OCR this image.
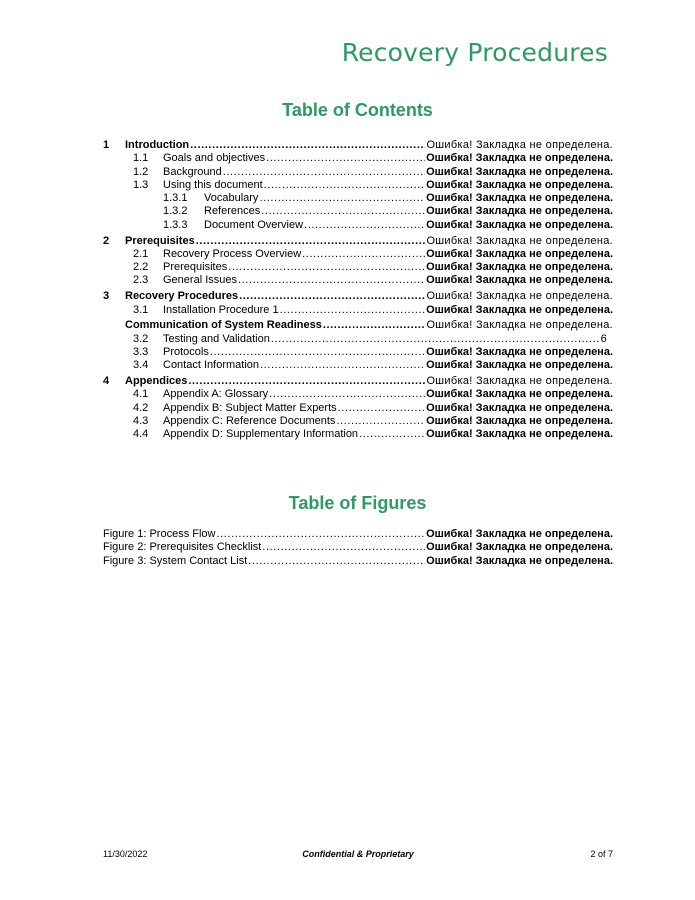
Recovery Procedures
Table of Contents
1	Introduction .....	Ошибка! Закладка не определена.
1.1	Goals and objectives .....	Ошибка! Закладка не определена.
1.2	Background .....	Ошибка! Закладка не определена.
1.3	Using this document .....	Ошибка! Закладка не определена.
1.3.1	Vocabulary .....	Ошибка! Закладка не определена.
1.3.2	References .....	Ошибка! Закладка не определена.
1.3.3	Document Overview .....	Ошибка! Закладка не определена.
2	Prerequisites .....	Ошибка! Закладка не определена.
2.1	Recovery Process Overview .....	Ошибка! Закладка не определена.
2.2	Prerequisites .....	Ошибка! Закладка не определена.
2.3	General Issues .....	Ошибка! Закладка не определена.
3	Recovery Procedures .....	Ошибка! Закладка не определена.
3.1	Installation Procedure 1 .....	Ошибка! Закладка не определена.
Communication of System Readiness .....	Ошибка! Закладка не определена.
3.2	Testing and Validation .....	6
3.3	Protocols .....	Ошибка! Закладка не определена.
3.4	Contact Information .....	Ошибка! Закладка не определена.
4	Appendices .....	Ошибка! Закладка не определена.
4.1	Appendix A: Glossary .....	Ошибка! Закладка не определена.
4.2	Appendix B: Subject Matter Experts .....	Ошибка! Закладка не определена.
4.3	Appendix C: Reference Documents .....	Ошибка! Закладка не определена.
4.4	Appendix D: Supplementary Information .....	Ошибка! Закладка не определена.
Table of Figures
Figure 1: Process Flow .....	Ошибка! Закладка не определена.
Figure 2: Prerequisites Checklist .....	Ошибка! Закладка не определена.
Figure 3: System Contact List .....	Ошибка! Закладка не определена.
11/30/2022	Confidential & Proprietary	2 of 7
